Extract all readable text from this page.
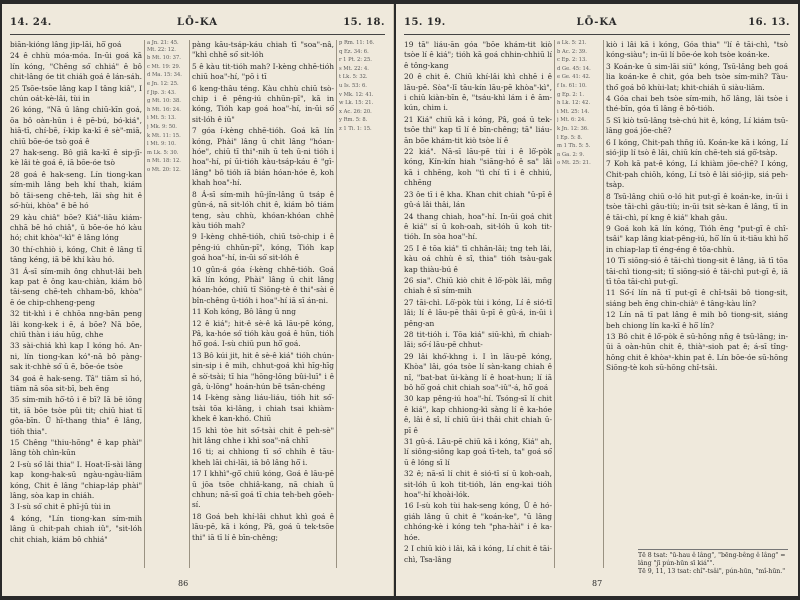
14. 24.	LŌ-KA	15. 18.

biān-kióng lâng jip-lāi, hō͘ goá

24 ê chhù móa-móa. In-ūi goá kā lín kóng, "Chêng só͘ chhiá" ê bô chit-lâng óe tit chiáh goá ê lán-sáh.

25 Tsōe-tsōe lâng kap I tâng kiâ", I chún oát-kè-lâi, tùi in

26 kóng, "Nā ū lâng chiū-kīn goá, ōa bô oàn-hūn i ê pē-bú, bó-kiá", hiā-tī, chí-bē, í-kip ka-kī ê sè"-miā, chiū bōe-óe tsò goá ê

27 hak-seng. Bô giâ ka-kī ê sip-jī-kè lâi tè goá ê, iā bōe-óe tsò

28 goá ê hak-seng. Lín tiong-kan sím-mih lâng beh khí thah, kiám bô tāi-seng chē-teh, lāi sǹg hit ê só͘-hùi, khòa" ē bē hó

29 kàu chiâ" bōe? Kiá"-liāu kiám-chhā bē hó chiâ", ū bōe-óe hó kàu hó; chit khòa"-kì" ê lâng lóng

30 thí-chhiò i, kóng, Chit ê lâng tī tāng kéng, iā bē khí kàu hó.

31 Á-sī sím-mih ông chhut-lâi beh kap pat ê ông kau-chiàn, kiám bô tāi-seng chē-teh chham-bō, khòa" ē óe chip-chheng-peng

32 tit-khì i ē chhōa nng-bān peng lâi kong-kek i ē, á bōe? Nā bōe, chiū thàn i iáu hūg, chhe

33 sài-chiá khì kap I kóng hó. An-ni, lín tiong-kan kó"-nā bô pàng-sak it-chhè só͘ ū ē, bōe-óe tsòe

34 goá ê hak-seng. Tâ" tiām sī hó, tiām nā sōa sit-bī, beh ēng

35 sím-mih hō͘-tō i ē bī? Iā bē iōng tit, iā bōe tsòe pûi tit; chiū hiat tī gōa-bīn. Ū hī-thang thia" ê lâng, tióh thia".

15 Chêng "thiu-hōng" ê kap phài" lâng tòh chìn-kūn

2 I-sù só͘ lâi thia" I. Hoat-lī-sài lâng kap kong-hak-sū ngàu-ngàu-liām kóng, Chit ê lâng "chiap-láp phài" lâng, sòa kap in chiáh.

3 I-sù só͘ chit ē phī-jū tùi in

4 kóng, "Lín tiong-kan sím-mih lâng ū chit-pah chiah iû", "sit-lóh chit chiah, kiám bô chhiá"

a Jn. 21: 45. Mt. 22: 12.
b Mt. 10: 37.
c Mt. 19: 29.
d Ma. 15: 34.
e Jn. 12: 25.
f Jip. 3: 43.
g Mt. 10: 38.
h Mt. 16: 24.
i Mt. 5: 13.
j Mk. 9: 50.
k Mt. 11: 15.
l Mt. 9: 10.
m Lk. 5: 30.
n Mt. 18: 12.
o Mt. 20: 12.

pàng kāu-tsáp-káu chiah tī "soa"-nâ, "khì chhē só͘ sit-lóh

5 ê kàu tit-tióh mah? I-kèng chhē-tióh chiū hoa"-hí, "pō i tī

6 keng-thâu téng. Kàu chhù chiū tsò-chip i ê pêng-iú chhūn-pī", kā in kóng, Tióh kap goá hoa"-hí, in-ūi só͘ sit-lóh ê iû"

7 góa í-kèng chhē-tióh. Goá kā lín kóng, Phài" lâng ū chit lâng "hóan-hóe", chiū tī thi"-nih ū teh ū-ni tióh i hoa"-hí, pí ūi-tióh kàu-tsáp-káu ê "gī-lâng" bô tióh iā bián hóan-hóe ê, koh khah hoa"-hí.

8 Á-sī sím-mih hū-jîn-lâng ū tsáp ê gûn-á, nā sit-lóh chit ê, kiám bô tiám teng, sàu chhù, khóan-khóan chhē kàu tióh mah?

9 I-kèng chhē-tióh, chiū tsò-chip i ê pêng-iú chhūn-pī", kóng, Tióh kap goá hoa"-hí, in-ūi só͘ sit-lóh ê

10 gûn-á góa í-kèng chhē-tióh. Goá kā lín kóng, Phài" lâng ū chit lâng hóan-hóe, chiū tī Siōng-tè ê thi"-sài ē bîn-chêng ū-tióh i hoa"-hí iā sī án-ni.

11 Koh kóng, Bô lâng ū nng

12 ê kiá"; hit-ê sè-ê kā lāu-pē kóng, Pâ, ka-hóe só͘ tióh kàu goá ê hūn, tióh hō͘ goá. I-sù chiū pun hō͘ goá.

13 Bô kúi jit, hit ê sè-ê kiá" tióh chún-sin-sip i ê mih, chhut-goá khì hīg-hīg ê sò͘-tsài; tī hia "hōng-lōng bûi-luī" i ê gâ, ù-lōng" hoán-hún bē tsān-chéng

14 I-kèng sàng liáu-liáu, tióh hit só͘-tsài tōa ki-lâng, i chiah tsai khiàm-khek ê kan-khó. Chiū

15 khì tòe hit só͘-tsài chit ê peh-sè" hit lâng chhe i khì soa"-nâ chhī

16 ti; ai chhiong tī só͘ chhih ê tāu-kheh lāi chi-lāi, iā bô lâng hō͘ i.

17 I khhì"-gō͘ chiū kóng, Goá ê lāu-pē ū jōa tsōe chhiâ-kang, nā chiah ū chhun; nā-sī goá tī chia teh-beh gōeh-sí.

18 Goá beh khí-lâi chhut khì goá ê lāu-pē, kā i kóng, Pâ, goá ū tek-tsōe thi" iā tī lí ê bīn-chêng;

p Rm. 11: 16.
q Ez. 34: 6.
r 1 Pt. 2: 25.
s Mt. 22: 4.
t Lk. 5: 32.
u Is. 53: 6.
v Mk. 12: 41.
w Lk. 15: 21.
x Ac. 26: 20.
y Rm. 5: 8.
z 1 Ti. 1: 15.
86
15. 19.	LŌ-KA	16. 13.

19 tā" liáu-ān góa "bōe khám-tit kiò tsòe lí ê kiá"; tióh kā goá chhin-chhiū lí ê tông-kang

20 ê chit ê. Chiū khí-lâi khì chhē i ê lāu-pē. Sòa"-lī tāu-kín lāu-pē khòa"-kì", i chiū kiàn-bīn ê, "tsáu-khì lám i ê ām-kún, chim i.

21 Kiá" chiū kā i kóng, Pâ, goá ū tek-tsōe thi" kap tī lí ê bīn-chêng; tā" liáu-ān bōe khám-tit kiò tsòe lí ê

22 kiá". Nā-sī lāu-pē tùi i ê lô͘-pòk kóng, Kín-kín hiah "siāng-hó ê sa" lâi kā i chhēng, koh "tì chí tī i ê chhiú, chhēng

23 ôe tī i ê kha. Khan chit chiah "ū-pī ê gû-á lâi thâi, lán

24 thang chiah, hoa"-hí. In-ūi goá chit ê kiá" sí ū koh-oah, sit-lóh ū koh tit-tióh. In sòa hoa"-hí.

25 I ê tōa kiá" tī chhân-lāi; tng teh lâi, kàu oá chhù ê sî, thia" tióh tsàu-gak kap thiàu-bú ê

26 sia". Chiū kiò chit ê lô͘-pòk lâi, mn̄g chiah ê sī sím-mih

27 tāi-chì. Lô͘-pòk tùi i kóng, Lí ê sió-tī lâi; lí ê lāu-pē thâi ū-pī ê gû-á, in-ūi i pêng-an

28 tit-tióh i. Tōa kiá" siū-khì, m̄ chiah-lāi; só͘-í lāu-pē chhut-

29 lâi khó͘-khng i. I ìn lāu-pē kóng, Khòa" lâi, góa tsòe lí sàn-kang chiah ê nî, "bat-bat ūi-kàng lí ê hoat-hun; lí iā bô hō͘ goá chit chiah soa"-iû"-á, hō͘ goá

30 kap pêng-iú hoa"-hí. Tsóng-sī lí chit ê kiá", kap chhiong-kì sàng lí ê ka-hóe ê, lâi ê sî, lí chiū ūi-i thâi chit chiah ū-pī ê

31 gû-á. Lāu-pē chiū kā i kóng, Kiá" ah, lí siông-siông kap goá tī-teh, ta" goá só͘ ū ê lóng sī lí

32 ê; nā-sī lí chit ê sió-tī sí ū koh-oah, sit-lóh ū koh tit-tióh, lán eng-kai tióh hoa"-hí khoài-lók.

16 I-sù koh tùi hak-seng kóng, Ū ê hó-giáh lâng ū chit ê "koán-ke", "ū lâng chhóng-kè i kóng teh "pha-hài" i ê ka-hóe.

2 I chiū kiò i lâi, kā i kóng, Lí chit ê tāi-chì, Tsa-lâng

a Lk. 5: 21.
b Ac. 2: 39.
c Ep. 2: 13.
d Ge. 45: 14.
e Ge. 41: 42.
f Is. 61: 10.
g Ep. 2: 1.
h Lk. 12: 42.
i Mt. 25: 14.
j Mt. 6: 24.
k Jn. 12: 36.
l Ep. 5: 8.
m 1 Th. 5: 5.
n Ga. 2: 9.
o Mt. 25: 21.

kiò i lâi kā i kóng, Góa thia" "lí ê tāi-chì, "tsò kóng-siàu"; in-ūi lí bōe-óe koh tsòe koán-ke.

3 Koán-ke ū sim-lāi siū" kóng, Tsū-lâng beh goá lia koán-ke ê chit, góa beh tsòe sím-mih? Tàu-thó͘ goá bô khùi-lat; khit-chiáh ū siàu-liām.

4 Góa chai beh tsòe sím-mih, hō͘ lâng, lâi tsòe i thé-bīn, góa tī lâng ê bô-tióh.

5 Sī kiò tsū-lâng tsè-chú hit ê, kóng, Lí kiám tsū-lâng goá jōe-chē?

6 I kóng, Chit-pah thn̄g iû. Koán-ke kā i kóng, Lí sió-jip lí tsò ê lâi, chiū kín chē-teh siá gō͘-tsàp.

7 Koh kā pat-ê kóng, Lí khiàm jōe-chē? I kóng, Chit-pah chiōh, kóng, Lí tsò ê lâi sió-jip, siá peh-tsàp.

8 Tsū-lâng chiū o-ló hit put-gī ê koán-ke, in-ūi i tsòe tāi-chì gâu-tiù; in-ūi tsit sè-kan ê lâng, tī in ê tāi-chì, pí kng ê kiá" khah gâu.

9 Goá koh kā lín kóng, Tióh ēng "put-gī ê chî-tsâi" kap lâng kiat-pêng-iú, hō͘ lín ū it-tiāu khì hō͘ in chiap-lap tī éng-éng ê tōa-chhù.

10 Tī siōng-sió ê tāi-chì tiong-sit ê lâng, iā tī tōa tāi-chì tiong-sit; tī siōng-sió ê tāi-chì put-gī ê, iā tī tōa tāi-chì put-gī.

11 Só͘-í lín nā tī put-gī ê chî-tsâi bô tiong-sit, siáng beh ēng chin-chiàⁿ ê tâng-kàu lín?

12 Lín nā tī pat lâng ê mih bô tiong-sit, siáng beh chiong lín ka-kī ê hō͘ lín?

13 Bô chit ê lô͘-pòk ē sū-hōng nn̄g ê tsū-lâng; in-ūi ā oàn-hūn chit ê, thiàⁿ-sioh pat ê; á-sī tîng-hōng chit ê khòaⁿ-khin pat ê. Lín bōe-óe sū-hōng Siōng-tè koh sū-hōng chî-tsâi.

Tē 8 tsat: "ū-hau ê lâng", "bēng-bêng ê lâng" = lâng "jī pún-hūn sī kiá"".
Tē 9, 11, 13 tsat: chî"-tsâi", pún-hūn, "mî-hūn."
87
